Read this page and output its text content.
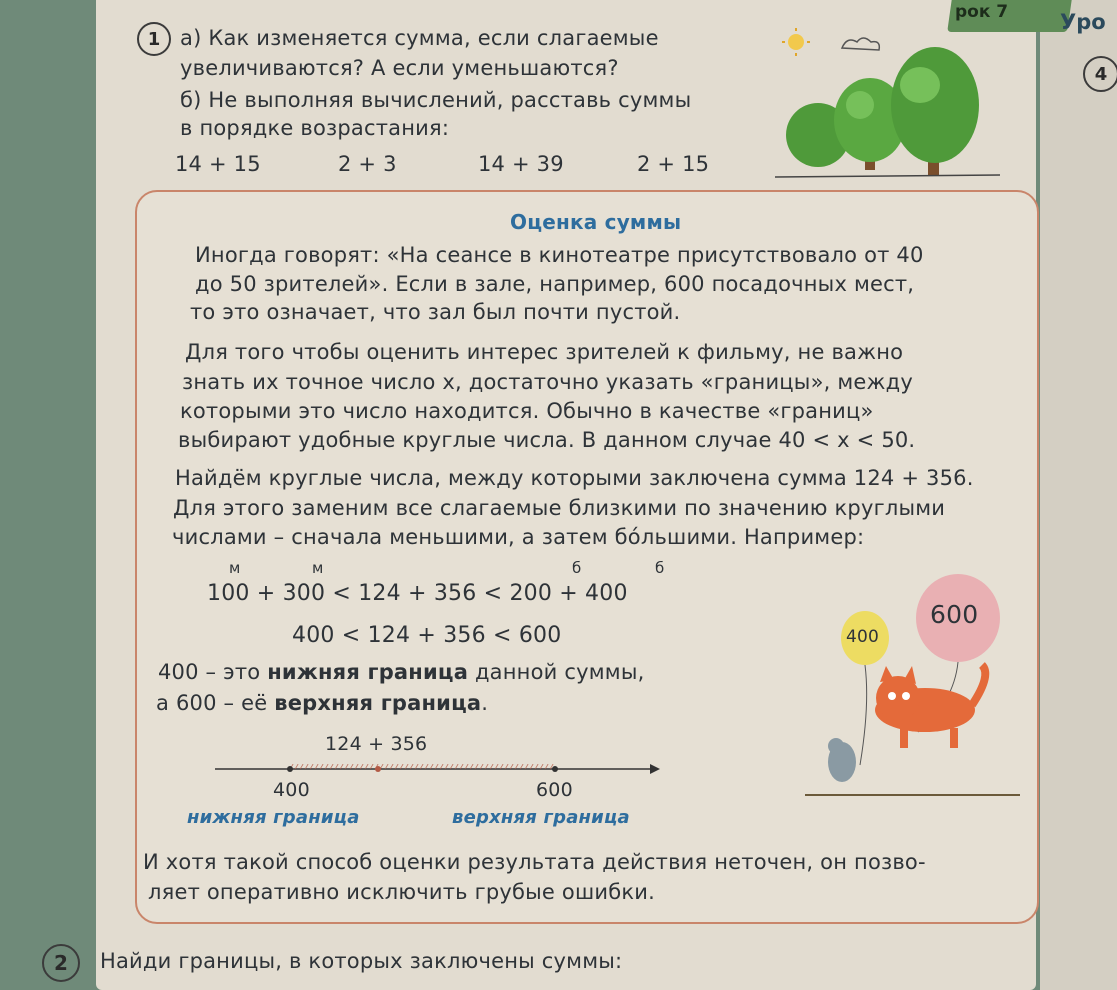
рок 7 Уро
4
1 а) Как изменяется сумма, если слагаемые
увеличиваются? А если уменьшаются?
б) Не выполняя вычислений, расставь суммы
в порядке возрастания:
14 + 15	2 + 3	14 + 39	2 + 15
Оценка суммы
Иногда говорят: «На сеансе в кинотеатре присутствовало от 40
до 50 зрителей». Если в зале, например, 600 посадочных мест,
то это означает, что зал был почти пустой.
Для того чтобы оценить интерес зрителей к фильму, не важно
знать их точное число x, достаточно указать «границы», между
которыми это число находится. Обычно в качестве «границ»
выбирают удобные круглые числа. В данном случае 40 < x < 50.
Найдём круглые числа, между которыми заключена сумма 124 + 356.
Для этого заменим все слагаемые близкими по значению круглыми
числами – сначала меньшими, а затем бóльшими. Например:
м	м	б	б
100 + 300 < 124 + 356 < 200 + 400
400 < 124 + 356 < 600
400 – это нижняя граница данной суммы,
а 600 – её верхняя граница.
124 + 356
400	600
нижняя граница	верхняя граница
600
400
И хотя такой способ оценки результата действия неточен, он позво-
ляет оперативно исключить грубые ошибки.
2	Найди границы, в которых заключены суммы:
